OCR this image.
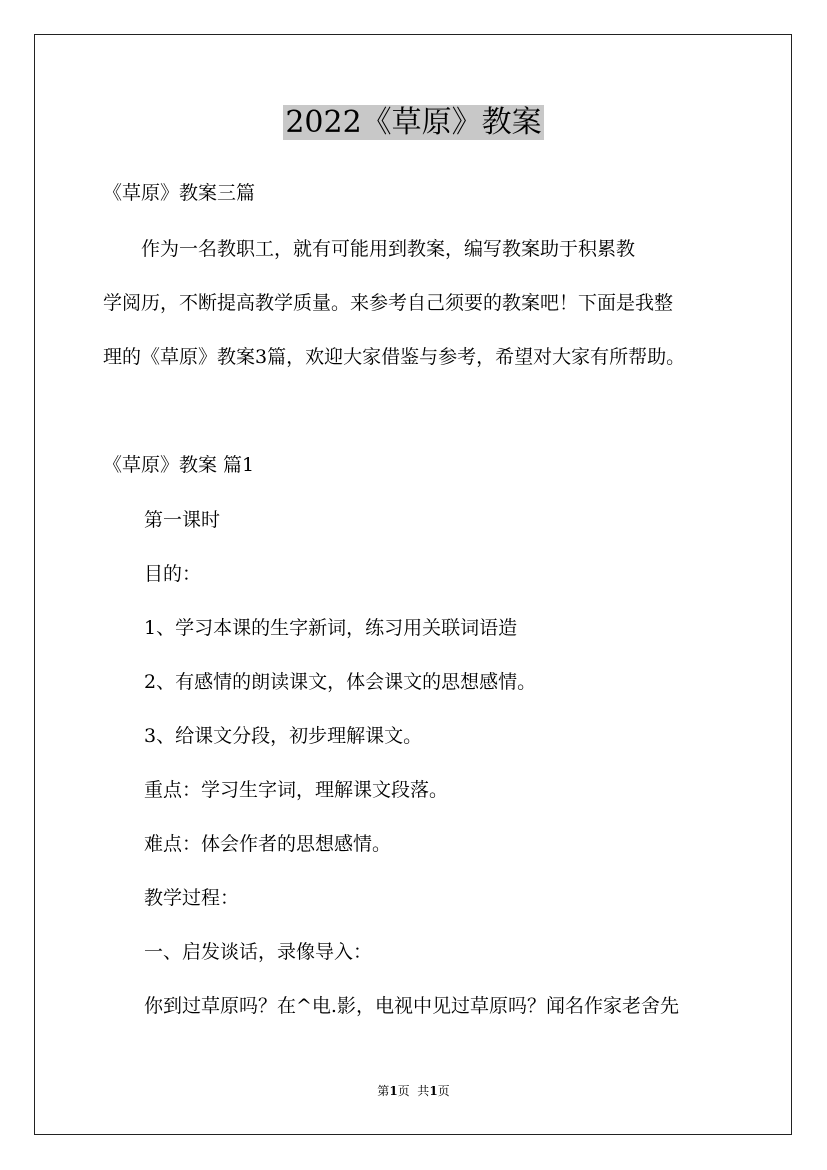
2022《草原》教案
《草原》教案三篇
　　作为一名教职工，就有可能用到教案，编写教案助于积累教
学阅历，不断提高教学质量。来参考自己须要的教案吧！下面是我整
理的《草原》教案3篇，欢迎大家借鉴与参考，希望对大家有所帮助。
《草原》教案 篇1
第一课时
目的：
1、学习本课的生字新词，练习用关联词语造
2、有感情的朗读课文，体会课文的思想感情。
3、给课文分段，初步理解课文。
重点：学习生字词，理解课文段落。
难点：体会作者的思想感情。
教学过程：
一、启发谈话，录像导入：
你到过草原吗？在^电.影，电视中见过草原吗？闻名作家老舍先
第1页  共1页
